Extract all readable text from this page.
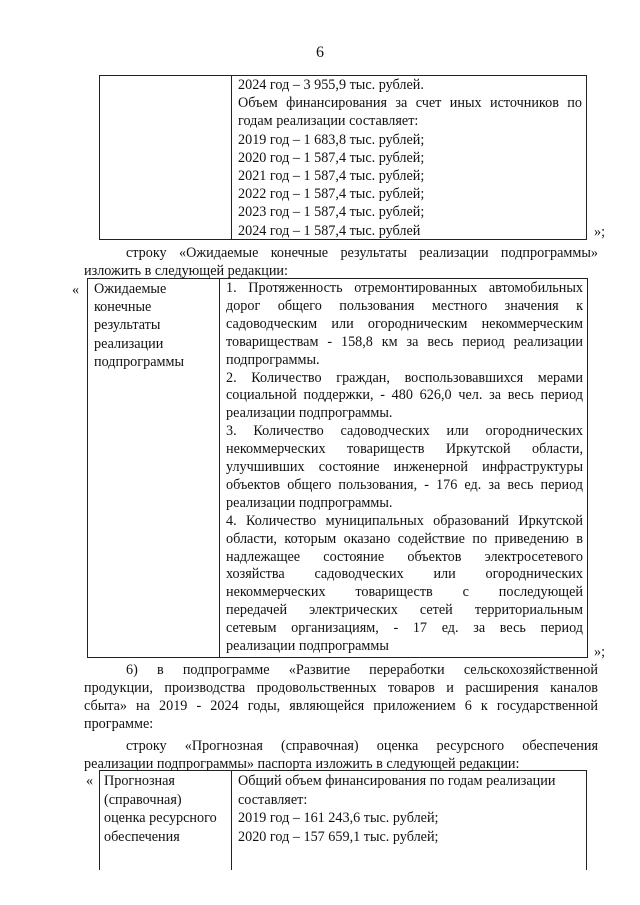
6
2024 год – 3 955,9 тыс. рублей.
Объем финансирования за счет иных источников по
годам реализации составляет:
2019 год – 1 683,8 тыс. рублей;
2020 год – 1 587,4 тыс. рублей;
2021 год – 1 587,4 тыс. рублей;
2022 год – 1 587,4 тыс. рублей;
2023 год – 1 587,4 тыс. рублей;
2024 год – 1 587,4 тыс. рублей	»;
строку «Ожидаемые конечные результаты реализации подпрограммы»
изложить в следующей редакции:
« Ожидаемые
конечные
результаты
реализации
подпрограммы
1. Протяженность отремонтированных автомобильных
дорог общего пользования местного значения к
садоводческим или огородническим некоммерческим
товариществам - 158,8 км за весь период реализации
подпрограммы.
2. Количество граждан, воспользовавшихся мерами
социальной поддержки, - 480 626,0 чел. за весь период
реализации подпрограммы.
3. Количество садоводческих или огороднических
некоммерческих товариществ Иркутской области,
улучшивших состояние инженерной инфраструктуры
объектов общего пользования, - 176 ед. за весь период
реализации подпрограммы.
4. Количество муниципальных образований Иркутской
области, которым оказано содействие по приведению в
надлежащее состояние объектов электросетевого
хозяйства садоводческих или огороднических
некоммерческих товариществ с последующей
передачей электрических сетей территориальным
сетевым организациям, - 17 ед. за весь период
реализации подпрограммы	»;
6) в подпрограмме «Развитие переработки сельскохозяйственной
продукции, производства продовольственных товаров и расширения каналов
сбыта» на 2019 - 2024 годы, являющейся приложением 6 к государственной
программе:
строку «Прогнозная (справочная) оценка ресурсного обеспечения
реализации подпрограммы» паспорта изложить в следующей редакции:
« Прогнозная
(справочная)
оценка ресурсного
обеспечения
Общий объем финансирования по годам реализации
составляет:
2019 год – 161 243,6 тыс. рублей;
2020 год – 157 659,1 тыс. рублей;
